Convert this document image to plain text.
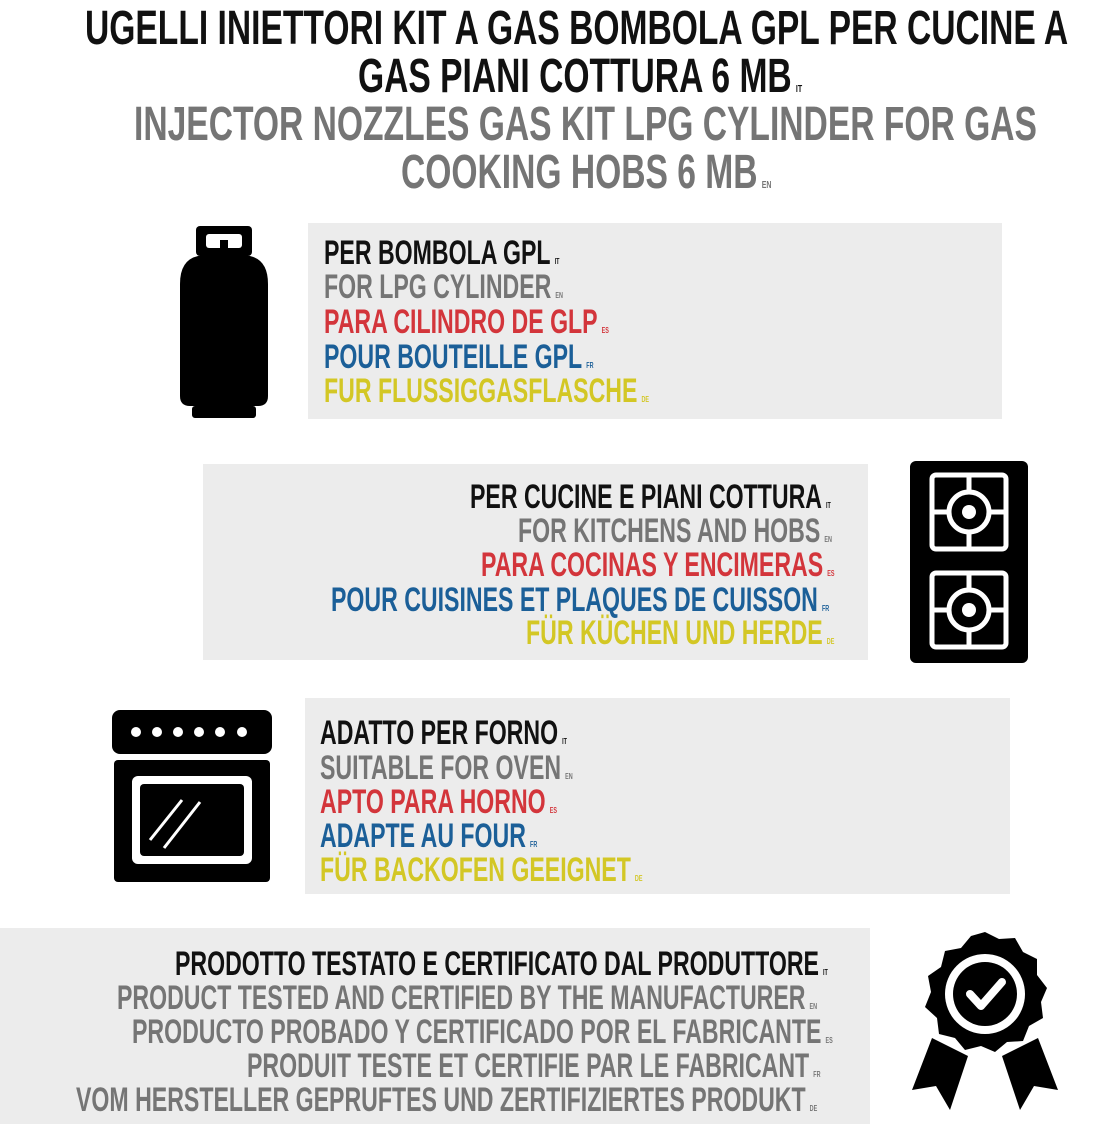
UGELLI INIETTORI KIT A GAS BOMBOLA GPL PER CUCINE A
GAS PIANI COTTURA 6 MB IT
INJECTOR NOZZLES GAS KIT LPG CYLINDER FOR GAS
COOKING HOBS 6 MB EN
PER BOMBOLA GPL IT
FOR LPG CYLINDER EN
PARA CILINDRO DE GLP ES
POUR BOUTEILLE GPL FR
FUR FLUSSIGGASFLASCHE DE
PER CUCINE E PIANI COTTURA IT
FOR KITCHENS AND HOBS EN
PARA COCINAS Y ENCIMERAS ES
POUR CUISINES ET PLAQUES DE CUISSON FR
FÜR KÜCHEN UND HERDE DE
ADATTO PER FORNO IT
SUITABLE FOR OVEN EN
APTO PARA HORNO ES
ADAPTE AU FOUR FR
FÜR BACKOFEN GEEIGNET DE
PRODOTTO TESTATO E CERTIFICATO DAL PRODUTTORE IT
PRODUCT TESTED AND CERTIFIED BY THE MANUFACTURER EN
PRODUCTO PROBADO Y CERTIFICADO POR EL FABRICANTE ES
PRODUIT TESTE ET CERTIFIE PAR LE FABRICANT FR
VOM HERSTELLER GEPRUFTES UND ZERTIFIZIERTES PRODUKT DE
